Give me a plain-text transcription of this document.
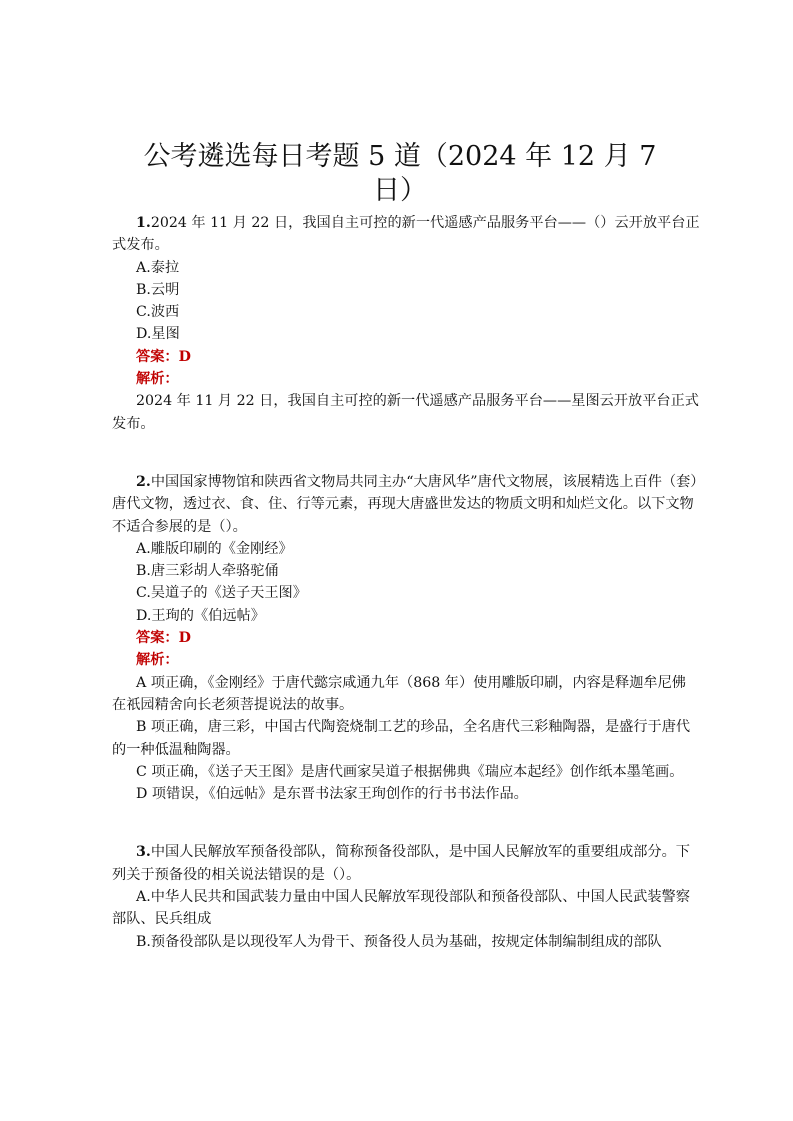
公考遴选每日考题 5 道（2024 年 12 月 7 日）

1.2024 年 11 月 22 日，我国自主可控的新一代遥感产品服务平台——（）云开放平台正式发布。

A.泰拉

B.云明

C.波西

D.星图

答案：D

解析：

2024 年 11 月 22 日，我国自主可控的新一代遥感产品服务平台——星图云开放平台正式发布。

2.中国国家博物馆和陕西省文物局共同主办“大唐风华”唐代文物展，该展精选上百件（套）唐代文物，透过衣、食、住、行等元素，再现大唐盛世发达的物质文明和灿烂文化。以下文物不适合参展的是（）。

A.雕版印刷的《金刚经》

B.唐三彩胡人牵骆驼俑

C.吴道子的《送子天王图》

D.王珣的《伯远帖》

答案：D

解析：

A 项正确，《金刚经》于唐代懿宗咸通九年（868 年）使用雕版印刷，内容是释迦牟尼佛在祇园精舍向长老须菩提说法的故事。

B 项正确，唐三彩，中国古代陶瓷烧制工艺的珍品，全名唐代三彩釉陶器，是盛行于唐代的一种低温釉陶器。

C 项正确，《送子天王图》是唐代画家吴道子根据佛典《瑞应本起经》创作纸本墨笔画。

D 项错误，《伯远帖》是东晋书法家王珣创作的行书书法作品。

3.中国人民解放军预备役部队，简称预备役部队，是中国人民解放军的重要组成部分。下列关于预备役的相关说法错误的是（）。

A.中华人民共和国武装力量由中国人民解放军现役部队和预备役部队、中国人民武装警察部队、民兵组成

B.预备役部队是以现役军人为骨干、预备役人员为基础，按规定体制编制组成的部队
